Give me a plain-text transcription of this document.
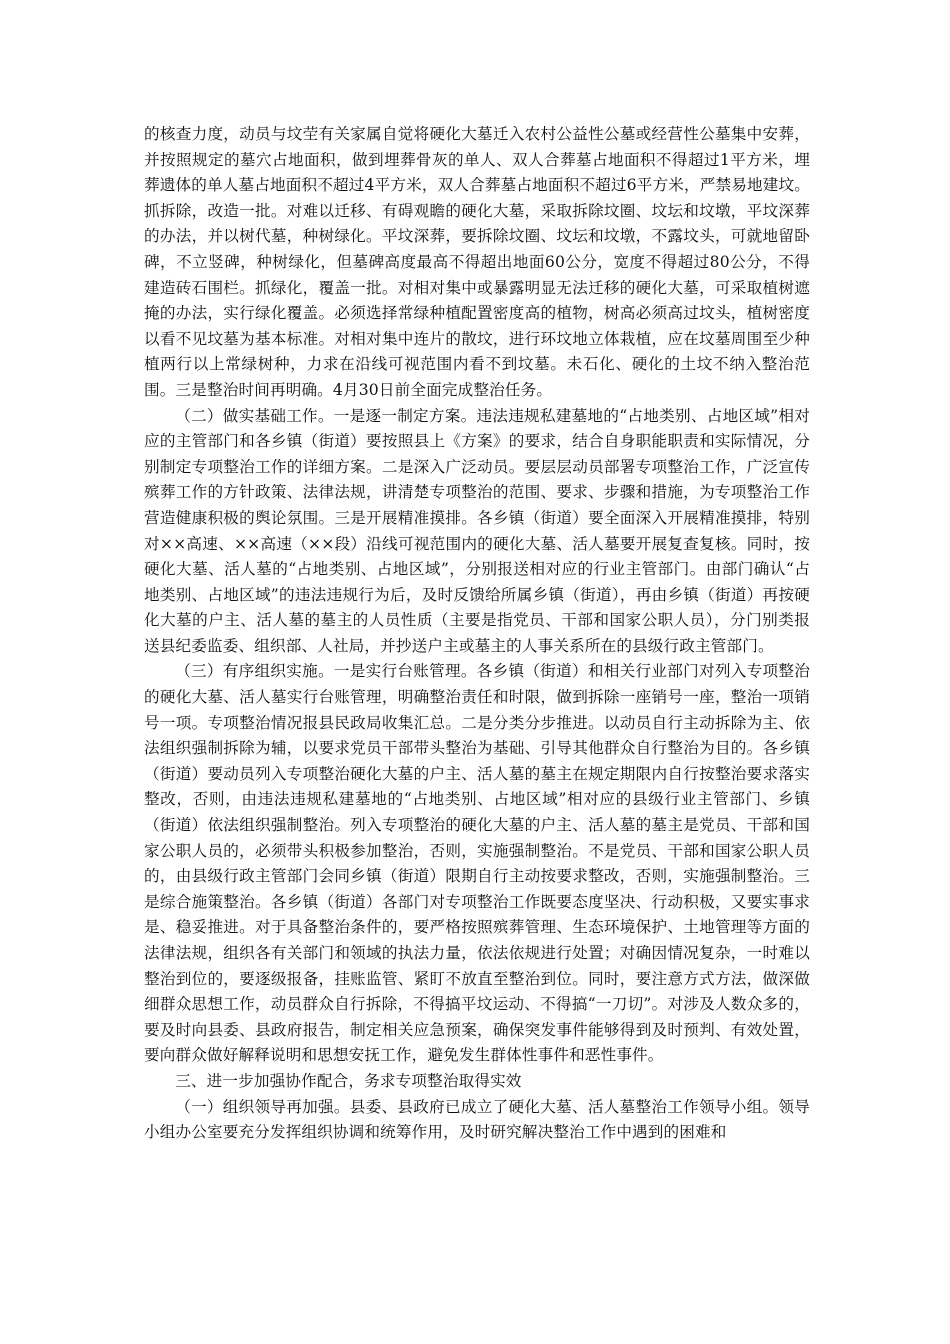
的核查力度，动员与坟茔有关家属自觉将硬化大墓迁入农村公益性公墓或经营性公墓集中安葬，并按照规定的墓穴占地面积，做到埋葬骨灰的单人、双人合葬墓占地面积不得超过1平方米，埋葬遗体的单人墓占地面积不超过4平方米，双人合葬墓占地面积不超过6平方米，严禁易地建坟。抓拆除，改造一批。对难以迁移、有碍观瞻的硬化大墓，采取拆除坟圈、坟坛和坟墩，平坟深葬的办法，并以树代墓，种树绿化。平坟深葬，要拆除坟圈、坟坛和坟墩，不露坟头，可就地留卧碑，不立竖碑，种树绿化，但墓碑高度最高不得超出地面60公分，宽度不得超过80公分，不得建造砖石围栏。抓绿化，覆盖一批。对相对集中或暴露明显无法迁移的硬化大墓，可采取植树遮掩的办法，实行绿化覆盖。必须选择常绿种植配置密度高的植物，树高必须高过坟头，植树密度以看不见坟墓为基本标准。对相对集中连片的散坟，进行环坟地立体栽植，应在坟墓周围至少种植两行以上常绿树种，力求在沿线可视范围内看不到坟墓。未石化、硬化的土坟不纳入整治范围。三是整治时间再明确。4月30日前全面完成整治任务。

（二）做实基础工作。一是逐一制定方案。违法违规私建墓地的“占地类别、占地区域”相对应的主管部门和各乡镇（街道）要按照县上《方案》的要求，结合自身职能职责和实际情况，分别制定专项整治工作的详细方案。二是深入广泛动员。要层层动员部署专项整治工作，广泛宣传殡葬工作的方针政策、法律法规，讲清楚专项整治的范围、要求、步骤和措施，为专项整治工作营造健康积极的舆论氛围。三是开展精准摸排。各乡镇（街道）要全面深入开展精准摸排，特别对××高速、××高速（××段）沿线可视范围内的硬化大墓、活人墓要开展复查复核。同时，按硬化大墓、活人墓的“占地类别、占地区域”，分别报送相对应的行业主管部门。由部门确认“占地类别、占地区域”的违法违规行为后，及时反馈给所属乡镇（街道），再由乡镇（街道）再按硬化大墓的户主、活人墓的墓主的人员性质（主要是指党员、干部和国家公职人员），分门别类报送县纪委监委、组织部、人社局，并抄送户主或墓主的人事关系所在的县级行政主管部门。

（三）有序组织实施。一是实行台账管理。各乡镇（街道）和相关行业部门对列入专项整治的硬化大墓、活人墓实行台账管理，明确整治责任和时限，做到拆除一座销号一座，整治一项销号一项。专项整治情况报县民政局收集汇总。二是分类分步推进。以动员自行主动拆除为主、依法组织强制拆除为辅，以要求党员干部带头整治为基础、引导其他群众自行整治为目的。各乡镇（街道）要动员列入专项整治硬化大墓的户主、活人墓的墓主在规定期限内自行按整治要求落实整改，否则，由违法违规私建墓地的“占地类别、占地区域”相对应的县级行业主管部门、乡镇（街道）依法组织强制整治。列入专项整治的硬化大墓的户主、活人墓的墓主是党员、干部和国家公职人员的，必须带头积极参加整治，否则，实施强制整治。不是党员、干部和国家公职人员的，由县级行政主管部门会同乡镇（街道）限期自行主动按要求整改，否则，实施强制整治。三是综合施策整治。各乡镇（街道）各部门对专项整治工作既要态度坚决、行动积极，又要实事求是、稳妥推进。对于具备整治条件的，要严格按照殡葬管理、生态环境保护、土地管理等方面的法律法规，组织各有关部门和领域的执法力量，依法依规进行处置；对确因情况复杂，一时难以整治到位的，要逐级报备，挂账监管、紧盯不放直至整治到位。同时，要注意方式方法，做深做细群众思想工作，动员群众自行拆除，不得搞平坟运动、不得搞“一刀切”。对涉及人数众多的，要及时向县委、县政府报告，制定相关应急预案，确保突发事件能够得到及时预判、有效处置，要向群众做好解释说明和思想安抚工作，避免发生群体性事件和恶性事件。

三、进一步加强协作配合，务求专项整治取得实效

（一）组织领导再加强。县委、县政府已成立了硬化大墓、活人墓整治工作领导小组。领导小组办公室要充分发挥组织协调和统筹作用，及时研究解决整治工作中遇到的困难和
